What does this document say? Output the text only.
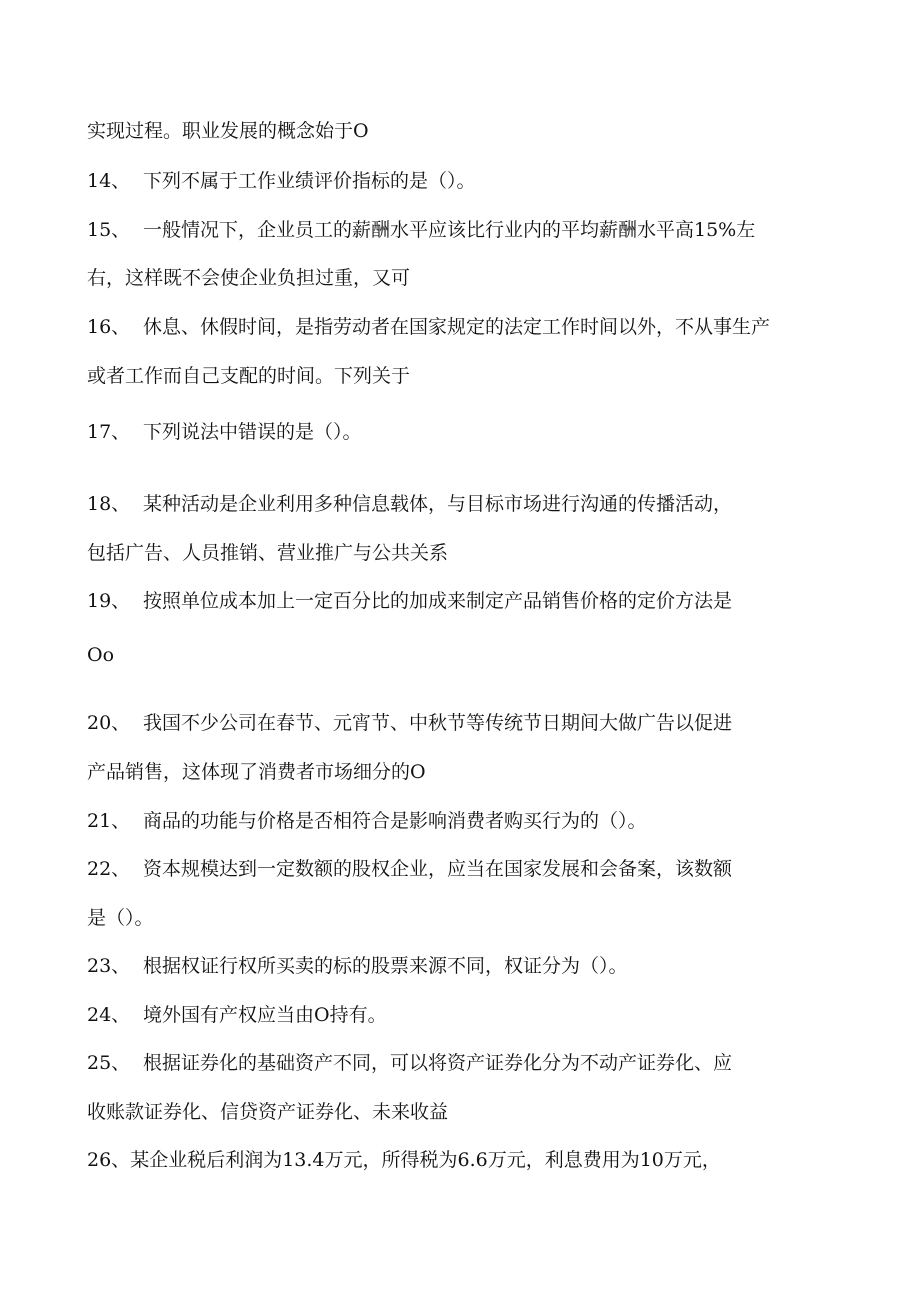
实现过程。职业发展的概念始于O
14、 下列不属于工作业绩评价指标的是（）。
15、 一般情况下，企业员工的薪酬水平应该比行业内的平均薪酬水平高15%左
右，这样既不会使企业负担过重，又可
16、 休息、休假时间，是指劳动者在国家规定的法定工作时间以外，不从事生产
或者工作而自己支配的时间。下列关于
17、 下列说法中错误的是（）。
18、 某种活动是企业利用多种信息载体，与目标市场进行沟通的传播活动，
包括广告、人员推销、营业推广与公共关系
19、 按照单位成本加上一定百分比的加成来制定产品销售价格的定价方法是
Oo
20、 我国不少公司在春节、元宵节、中秋节等传统节日期间大做广告以促进
产品销售，这体现了消费者市场细分的O
21、 商品的功能与价格是否相符合是影响消费者购买行为的（）。
22、 资本规模达到一定数额的股权企业，应当在国家发展和会备案，该数额
是（）。
23、 根据权证行权所买卖的标的股票来源不同，权证分为（）。
24、 境外国有产权应当由O持有。
25、 根据证券化的基础资产不同，可以将资产证券化分为不动产证券化、应
收账款证券化、信贷资产证券化、未来收益
26、某企业税后利润为13.4万元，所得税为6.6万元，利息费用为10万元，
